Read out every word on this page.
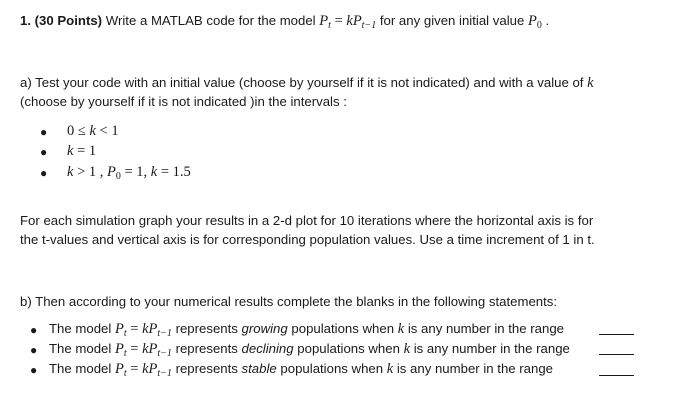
1. (30 Points) Write a MATLAB code for the model $P_t = kP_{t-1}$ for any given initial value $P_0$ .
a) Test your code with an initial value (choose by yourself if it is not indicated) and with a value of k
(choose by yourself if it is not indicated )in the intervals :
● 0 ≤ k < 1
● k = 1
● k > 1 , $P_0 = 1$, k = 1.5
For each simulation graph your results in a 2-d plot for 10 iterations where the horizontal axis is for
the t-values and vertical axis is for corresponding population values. Use a time increment of 1 in t.
b) Then according to your numerical results complete the blanks in the following statements:
● The model $P_t = kP_{t-1}$ represents growing populations when k is any number in the range
● The model $P_t = kP_{t-1}$ represents declining populations when k is any number in the range
● The model $P_t = kP_{t-1}$ represents stable populations when k is any number in the range
